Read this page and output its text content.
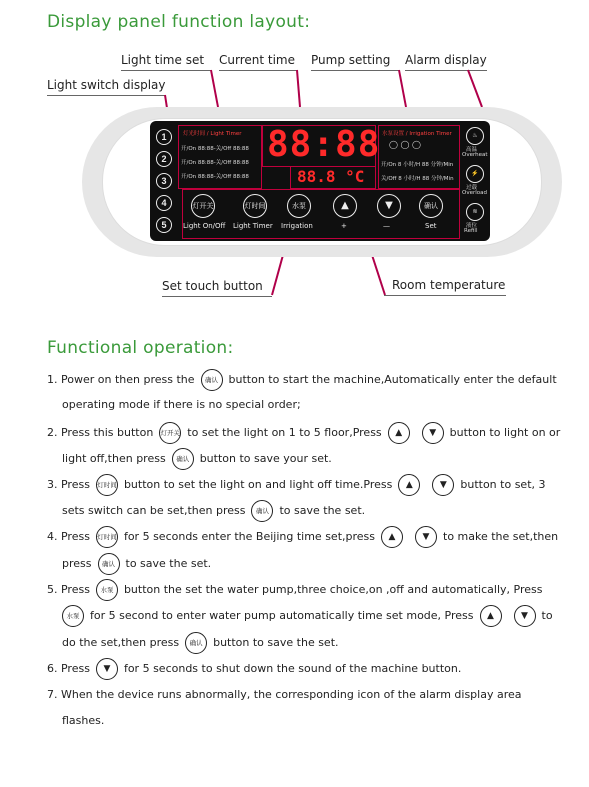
Display panel function layout:
Light time set Current time Pump setting Alarm display
Light switch display
1
2
3
4
5
灯光时间 / Light Timer
开/On 88:88-关/Off 88:88
开/On 88:88-关/Off 88:88
开/On 88:88-关/Off 88:88
88:88
88.8 °C
水泵设置 / Irrigation Timer
◯ ◯ ◯
开/On 8 小时/H 88 分钟/Min
关/Off 8 小时/H 88 分钟/Min
灯开关
Light On/Off
灯时间
Light Timer
水泵
Irrigation
▲
+
▼
—
确认
Set
♨
高温
Overheat
⚡
过载
Overload
≋
液位
Refill
Set touch button	Room temperature
Functional operation:
1. Power on then press the 确认 button to start the machine,Automatically enter the default
operating mode if there is no special order;
2. Press this button 灯开关 to set the light on 1 to 5 floor,Press ▲	▼ button to light on or
light off,then press 确认 button to save your set.
3. Press 灯时间 button to set the light on and light off time.Press ▲	▼ button to set, 3
sets switch can be set,then press 确认 to save the set.
4. Press 灯时间 for 5 seconds enter the Beijing time set,press ▲	▼ to make the set,then
press 确认 to save the set.
5. Press 水泵 button the set the water pump,three choice,on ,off and automatically, Press
水泵 for 5 second to enter water pump automatically time set mode, Press ▲	▼ to
do the set,then press 确认 button to save the set.
6. Press ▼ for 5 seconds to shut down the sound of the machine button.
7. When the device runs abnormally, the corresponding icon of the alarm display area
flashes.
